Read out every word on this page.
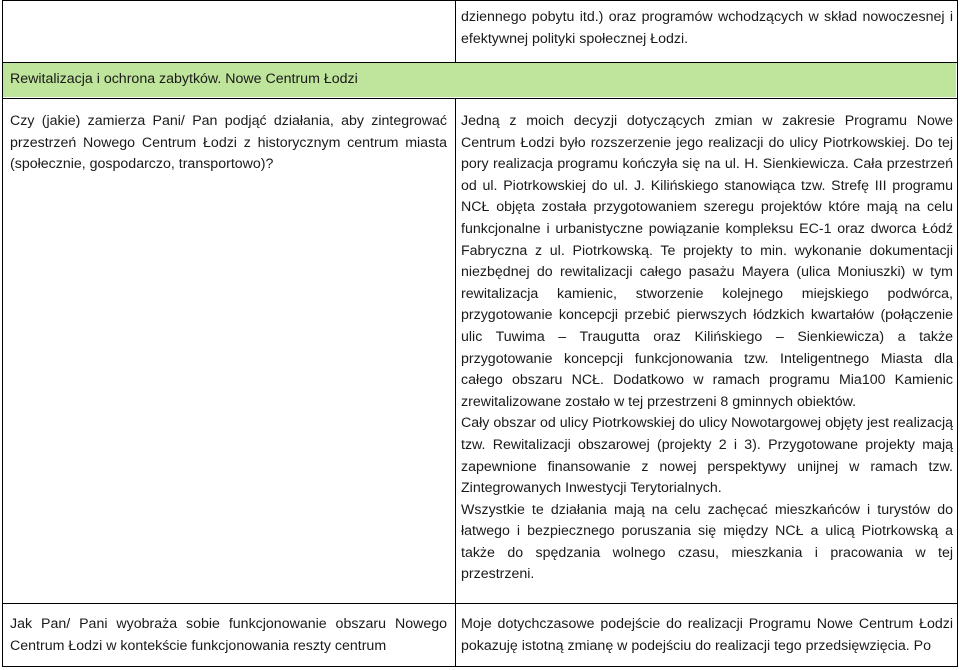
dziennego pobytu itd.) oraz programów wchodzących w skład nowoczesnej i efektywnej polityki społecznej Łodzi.

Rewitalizacja i ochrona zabytków. Nowe Centrum Łodzi

Czy (jakie) zamierza Pani/ Pan podjąć działania, aby zintegrować przestrzeń Nowego Centrum Łodzi z historycznym centrum miasta (społecznie, gospodarczo, transportowo)?

Jedną z moich decyzji dotyczących zmian w zakresie Programu Nowe Centrum Łodzi było rozszerzenie jego realizacji do ulicy Piotrkowskiej. Do tej pory realizacja programu kończyła się na ul. H. Sienkiewicza. Cała przestrzeń od ul. Piotrkowskiej do ul. J. Kilińskiego stanowiąca tzw. Strefę III programu NCŁ objęta została przygotowaniem szeregu projektów które mają na celu funkcjonalne i urbanistyczne powiązanie kompleksu EC-1 oraz dworca Łódź Fabryczna z ul. Piotrkowską. Te projekty to min. wykonanie dokumentacji niezbędnej do rewitalizacji całego pasażu Mayera (ulica Moniuszki) w tym rewitalizacja kamienic, stworzenie kolejnego miejskiego podwórca, przygotowanie koncepcji przebić pierwszych łódzkich kwartałów (połączenie ulic Tuwima – Traugutta oraz Kilińskiego – Sienkiewicza) a także przygotowanie koncepcji funkcjonowania tzw. Inteligentnego Miasta dla całego obszaru NCŁ. Dodatkowo w ramach programu Mia100 Kamienic zrewitalizowane zostało w tej przestrzeni 8 gminnych obiektów.

Cały obszar od ulicy Piotrkowskiej do ulicy Nowotargowej objęty jest realizacją tzw. Rewitalizacji obszarowej (projekty 2 i 3). Przygotowane projekty mają zapewnione finansowanie z nowej perspektywy unijnej w ramach tzw. Zintegrowanych Inwestycji Terytorialnych.

Wszystkie te działania mają na celu zachęcać mieszkańców i turystów do łatwego i bezpiecznego poruszania się między NCŁ a ulicą Piotrkowską a także do spędzania wolnego czasu, mieszkania i pracowania w tej przestrzeni.

Jak Pan/ Pani wyobraża sobie funkcjonowanie obszaru Nowego Centrum Łodzi w kontekście funkcjonowania reszty centrum

Moje dotychczasowe podejście do realizacji Programu Nowe Centrum Łodzi pokazuję istotną zmianę w podejściu do realizacji tego przedsięwzięcia. Po
